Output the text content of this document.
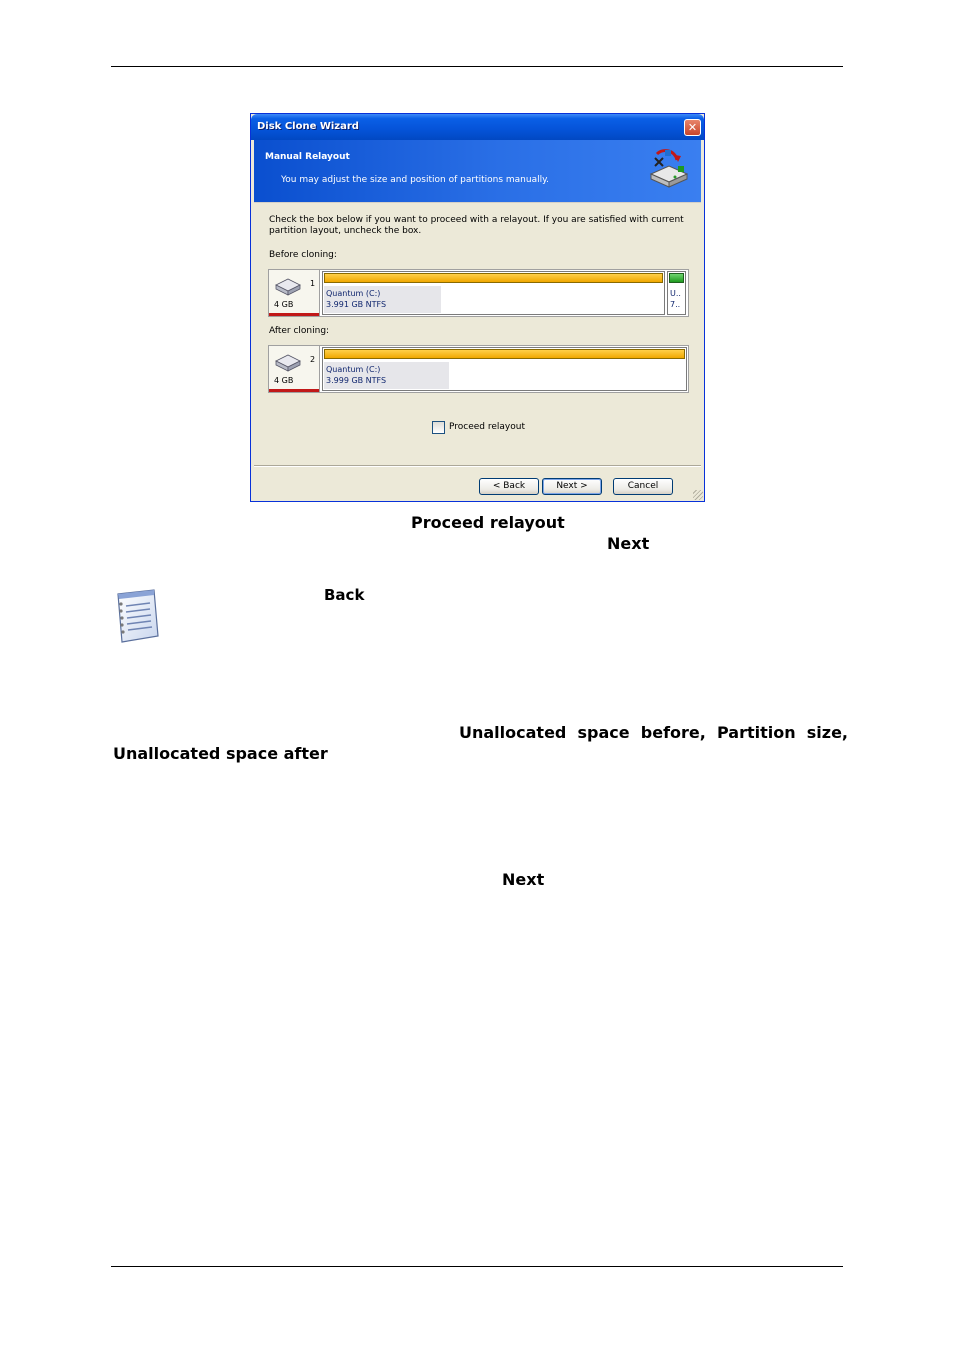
Disk Clone Wizard	✕
Manual Relayout
You may adjust the size and position of partitions manually.
Check the box below if you want to proceed with a relayout. If you are satisfied with current partition layout, uncheck the box.
Before cloning:
1
4 GB
Quantum (C:)
3.991 GB NTFS
U..
7..
After cloning:
2
4 GB
Quantum (C:)
3.999 GB NTFS
Proceed relayout
< Back	Next >	Cancel
Proceed relayout
Next
Back
Unallocated  space  before,  Partition  size,
Unallocated space after
Next
